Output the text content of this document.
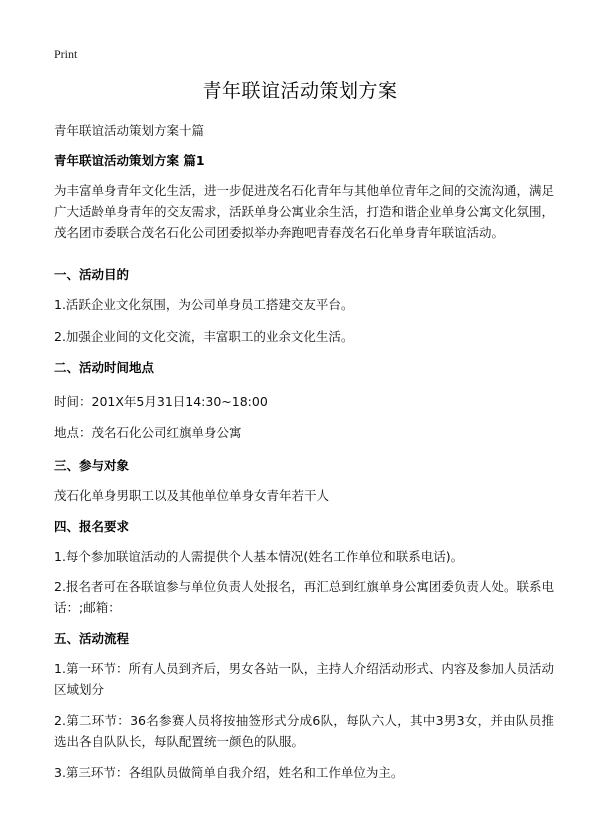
Print
青年联谊活动策划方案
青年联谊活动策划方案十篇
青年联谊活动策划方案 篇1
为丰富单身青年文化生活，进一步促进茂名石化青年与其他单位青年之间的交流沟通，满足广大适龄单身青年的交友需求，活跃单身公寓业余生活，打造和谐企业单身公寓文化氛围，茂名团市委联合茂名石化公司团委拟举办奔跑吧青春茂名石化单身青年联谊活动。
一、活动目的
1.活跃企业文化氛围，为公司单身员工搭建交友平台。
2.加强企业间的文化交流，丰富职工的业余文化生活。
二、活动时间地点
时间：201X年5月31日14:30~18:00
地点：茂名石化公司红旗单身公寓
三、参与对象
茂石化单身男职工以及其他单位单身女青年若干人
四、报名要求
1.每个参加联谊活动的人需提供个人基本情况(姓名工作单位和联系电话)。
2.报名者可在各联谊参与单位负责人处报名，再汇总到红旗单身公寓团委负责人处。联系电话：;邮箱：
五、活动流程
1.第一环节：所有人员到齐后，男女各站一队，主持人介绍活动形式、内容及参加人员活动区域划分
2.第二环节：36名参赛人员将按抽签形式分成6队，每队六人，其中3男3女，并由队员推选出各自队队长，每队配置统一颜色的队服。
3.第三环节：各组队员做简单自我介绍，姓名和工作单位为主。
